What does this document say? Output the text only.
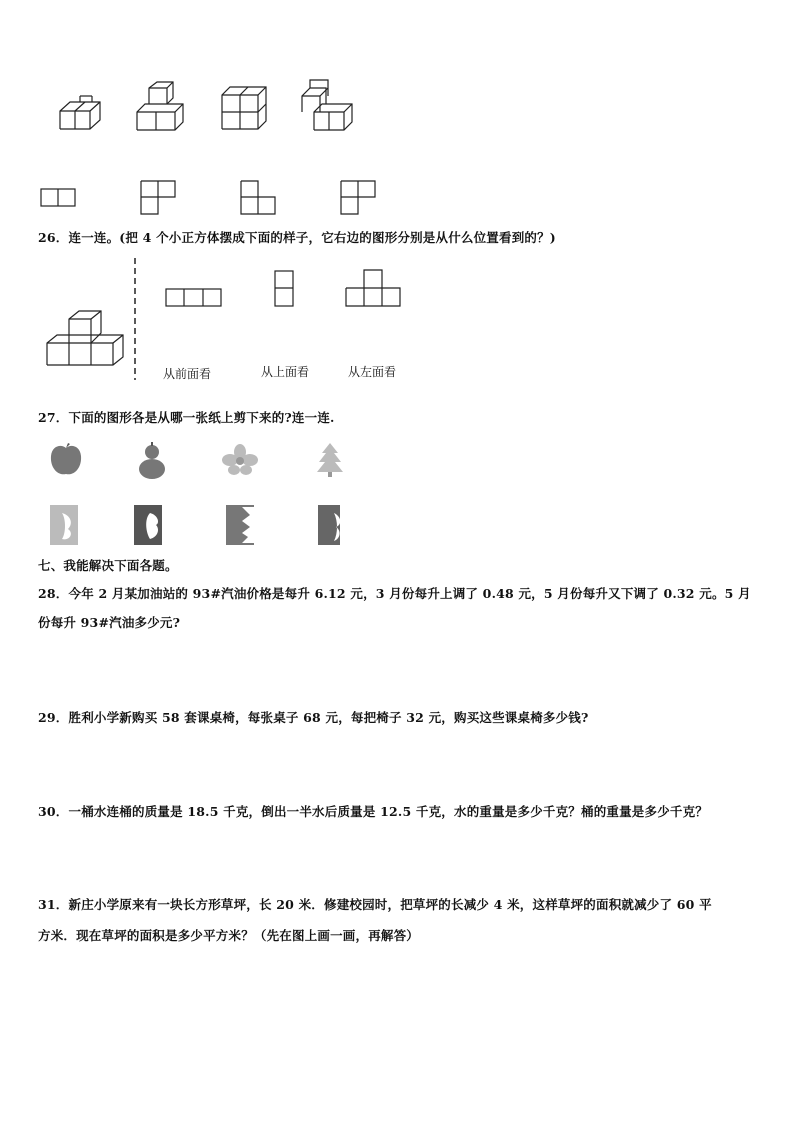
26．连一连。(把 4 个小正方体摆成下面的样子，它右边的图形分别是从什么位置看到的？)
从前面看	从上面看	从左面看
27．下面的图形各是从哪一张纸上剪下来的?连一连.
七、我能解决下面各题。
28．今年 2 月某加油站的 93#汽油价格是每升 6.12 元，3 月份每升上调了 0.48 元，5 月份每升又下调了 0.32 元。5 月
份每升 93#汽油多少元?
29．胜利小学新购买 58 套课桌椅，每张桌子 68 元，每把椅子 32 元，购买这些课桌椅多少钱?
30．一桶水连桶的质量是 18.5 千克，倒出一半水后质量是 12.5 千克，水的重量是多少千克？桶的重量是多少千克？
31．新庄小学原来有一块长方形草坪，长 20 米．修建校园时，把草坪的长减少 4 米，这样草坪的面积就减少了 60 平
方米．现在草坪的面积是多少平方米？（先在图上画一画，再解答）
